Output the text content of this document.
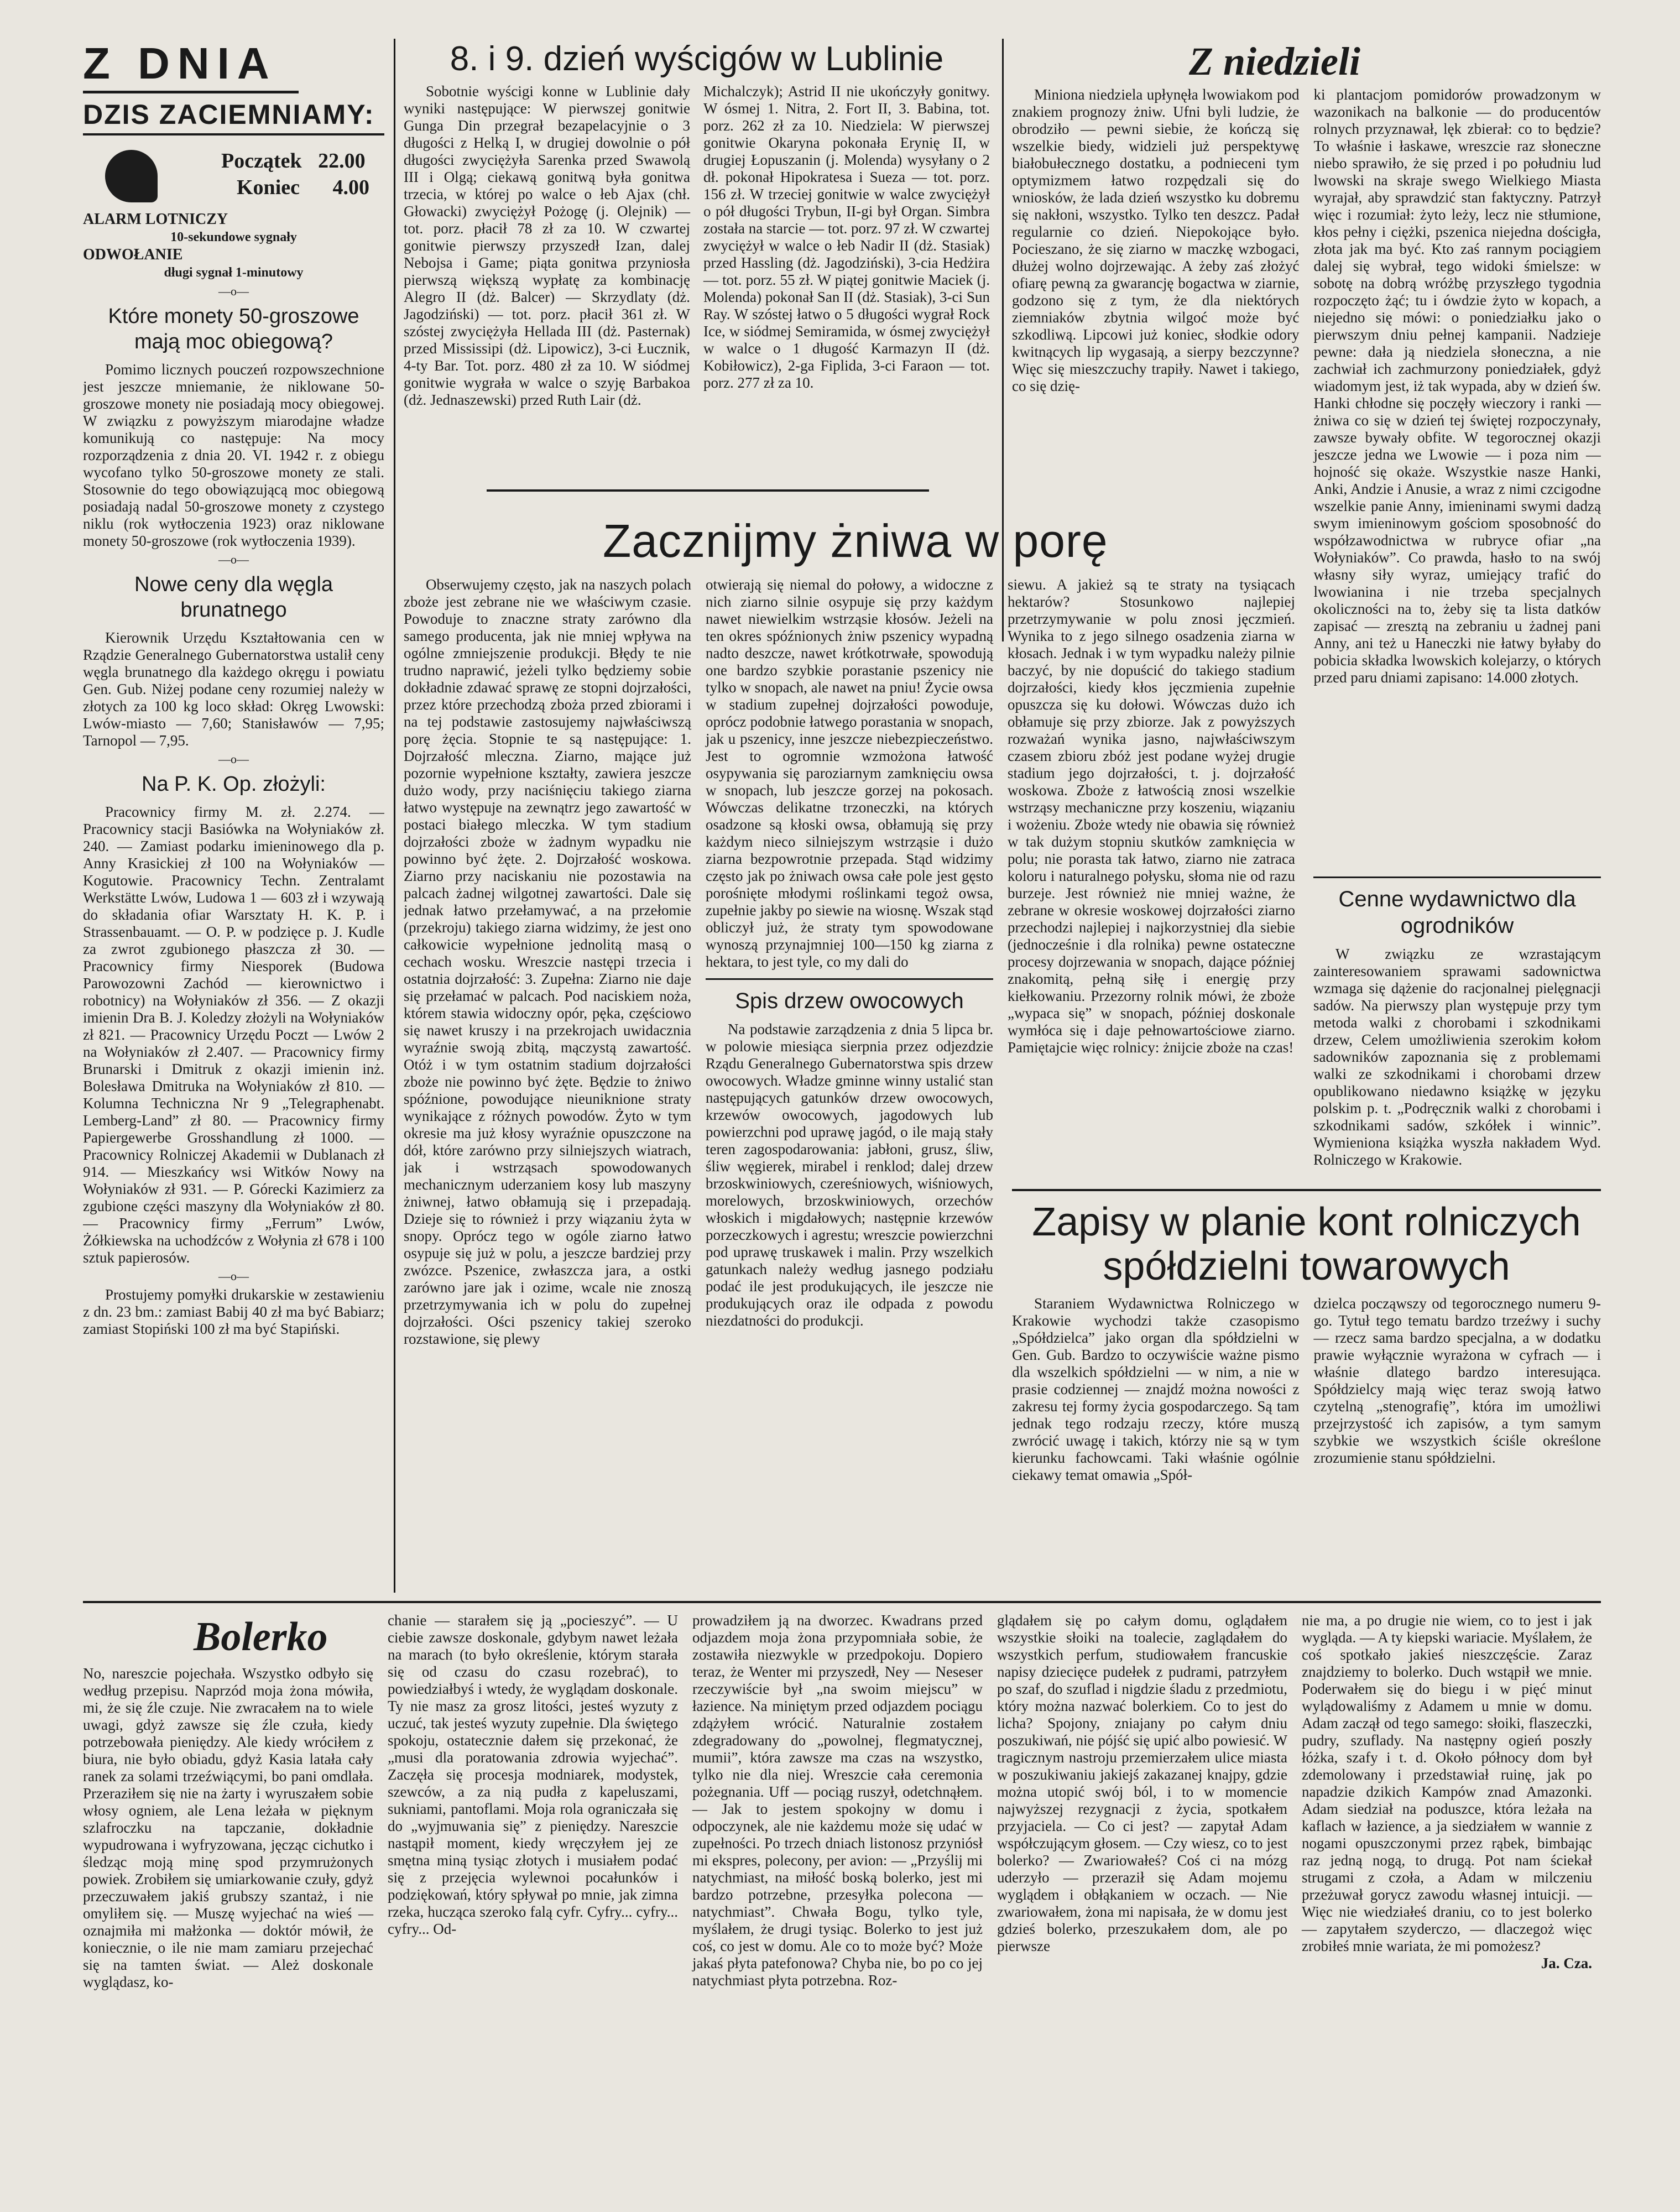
Z DNIA
DZIS ZACIEMNIAMY:
Początek 22.00
Koniec 4.00
ALARM LOTNICZY
10-sekundowe sygnały
ODWOŁANIE
długi sygnał 1-minutowy
—o—
Które monety 50-groszowe mają moc obiegową?

Pomimo licznych pouczeń rozpowszechnione jest jeszcze mniemanie, że niklowane 50-groszowe monety nie posiadają mocy obiegowej. W związku z powyższym miarodajne władze komunikują co następuje: Na mocy rozporządzenia z dnia 20. VI. 1942 r. z obiegu wycofano tylko 50-groszowe monety ze stali. Stosownie do tego obowiązującą moc obiegową posiadają nadal 50-groszowe monety z czystego niklu (rok wytłoczenia 1923) oraz niklowane monety 50-groszowe (rok wytłoczenia 1939).

—o—
Nowe ceny dla węgla brunatnego

Kierownik Urzędu Kształtowania cen w Rządzie Generalnego Gubernatorstwa ustalił ceny węgla brunatnego dla każdego okręgu i powiatu Gen. Gub. Niżej podane ceny rozumiej należy w złotych za 100 kg loco skład: Okręg Lwowski: Lwów-miasto — 7,60; Stanisławów — 7,95; Tarnopol — 7,95.

—o—
Na P. K. Op. złożyli:

Pracownicy firmy M. zł. 2.274. — Pracownicy stacji Basiówka na Wołyniaków zł. 240. — Zamiast podarku imieninowego dla p. Anny Krasickiej zł 100 na Wołyniaków — Kogutowie. Pracownicy Techn. Zentralamt Werkstätte Lwów, Ludowa 1 — 603 zł i wzywają do składania ofiar Warsztaty H. K. P. i Strassenbauamt. — O. P. w podzięce p. J. Kudle za zwrot zgubionego płaszcza zł 30. — Pracownicy firmy Niesporek (Budowa Parowozowni Zachód — kierownictwo i robotnicy) na Wołyniaków zł 356. — Z okazji imienin Dra B. J. Koledzy złożyli na Wołyniaków zł 821. — Pracownicy Urzędu Poczt — Lwów 2 na Wołyniaków zł 2.407. — Pracownicy firmy Brunarski i Dmitruk z okazji imienin inż. Bolesława Dmitruka na Wołyniaków zł 810. — Kolumna Techniczna Nr 9 „Telegraphenabt. Lemberg-Land” zł 80. — Pracownicy firmy Papiergewerbe Grosshandlung zł 1000. — Pracownicy Rolniczej Akademii w Dublanach zł 914. — Mieszkańcy wsi Witków Nowy na Wołyniaków zł 931. — P. Górecki Kazimierz za zgubione części maszyny dla Wołyniaków zł 80. — Pracownicy firmy „Ferrum” Lwów, Żółkiewska na uchodźców z Wołynia zł 678 i 100 sztuk papierosów.

—o—

Prostujemy pomyłki drukarskie w zestawieniu z dn. 23 bm.: zamiast Babij 40 zł ma być Babiarz; zamiast Stopiński 100 zł ma być Stapiński.

8. i 9. dzień wyścigów w Lublinie

Sobotnie wyścigi konne w Lublinie dały wyniki następujące: W pierwszej gonitwie Gunga Din przegrał bezapelacyjnie o 3 długości z Helką I, w drugiej dowolnie o pół długości zwyciężyła Sarenka przed Swawolą III i Olgą; ciekawą gonitwą była gonitwa trzecia, w której po walce o łeb Ajax (chł. Głowacki) zwyciężył Pożogę (j. Olejnik) — tot. porz. płacił 78 zł za 10. W czwartej gonitwie pierwszy przyszedł Izan, dalej Nebojsa i Game; piąta gonitwa przyniosła pierwszą większą wypłatę za kombinację Alegro II (dż. Balcer) — Skrzydlaty (dż. Jagodziński) — tot. porz. płacił 361 zł. W szóstej zwyciężyła Hellada III (dż. Pasternak) przed Mississipi (dż. Lipowicz), 3-ci Łucznik, 4-ty Bar. Tot. porz. 480 zł za 10. W siódmej gonitwie wygrała w walce o szyję Barbakoa (dż. Jednaszewski) przed Ruth Lair (dż.

Michalczyk); Astrid II nie ukończyły gonitwy. W ósmej 1. Nitra, 2. Fort II, 3. Babina, tot. porz. 262 zł za 10. Niedziela: W pierwszej gonitwie Okaryna pokonała Erynię II, w drugiej Łopuszanin (j. Molenda) wysyłany o 2 dł. pokonał Hipokratesa i Sueza — tot. porz. 156 zł. W trzeciej gonitwie w walce zwyciężył o pół długości Trybun, II-gi był Organ. Simbra została na starcie — tot. porz. 97 zł. W czwartej zwyciężył w walce o łeb Nadir II (dż. Stasiak) przed Hassling (dż. Jagodziński), 3-cia Hedżira — tot. porz. 55 zł. W piątej gonitwie Maciek (j. Molenda) pokonał San II (dż. Stasiak), 3-ci Sun Ray. W szóstej łatwo o 5 długości wygrał Rock Ice, w siódmej Semiramida, w ósmej zwyciężył w walce o 1 długość Karmazyn II (dż. Kobiłowicz), 2-ga Fiplida, 3-ci Faraon — tot. porz. 277 zł za 10.

Z niedzieli

Miniona niedziela upłynęła lwowiakom pod znakiem prognozy żniw. Ufni byli ludzie, że obrodziło — pewni siebie, że kończą się wszelkie biedy, widzieli już perspektywę białobułecznego dostatku, a podnieceni tym optymizmem łatwo rozpędzali się do wniosków, że lada dzień wszystko ku dobremu się nakłoni, wszystko. Tylko ten deszcz. Padał regularnie co dzień. Niepokojące było. Pocieszano, że się ziarno w maczkę wzbogaci, dłużej wolno dojrzewając. A żeby zaś złożyć ofiarę pewną za gwarancję bogactwa w ziarnie, godzono się z tym, że dla niektórych ziemniaków zbytnia wilgoć może być szkodliwą. Lipcowi już koniec, słodkie odory kwitnących lip wygasają, a sierpy bezczynne? Więc się mieszczuchy trapiły. Nawet i takiego, co się dzię-

ki plantacjom pomidorów prowadzonym w wazonikach na balkonie — do producentów rolnych przyznawał, lęk zbierał: co to będzie? To właśnie i łaskawe, wreszcie raz słoneczne niebo sprawiło, że się przed i po południu lud lwowski na skraje swego Wielkiego Miasta wyrajał, aby sprawdzić stan faktyczny. Patrzył więc i rozumiał: żyto leży, lecz nie stłumione, kłos pełny i ciężki, pszenica niejedna dościgła, złota jak ma być. Kto zaś rannym pociągiem dalej się wybrał, tego widoki śmielsze: w sobotę na dobrą wróżbę przyszłego tygodnia rozpoczęto żąć; tu i ówdzie żyto w kopach, a niejedno się mówi: o poniedziałku jako o pierwszym dniu pełnej kampanii. Nadzieje pewne: dała ją niedziela słoneczna, a nie zachwiał ich zachmurzony poniedziałek, gdyż wiadomym jest, iż tak wypada, aby w dzień św. Hanki chłodne się poczęły wieczory i ranki — żniwa co się w dzień tej świętej rozpoczynały, zawsze bywały obfite. W tegorocznej okazji jeszcze jedna we Lwowie — i poza nim — hojność się okaże. Wszystkie nasze Hanki, Anki, Andzie i Anusie, a wraz z nimi czcigodne wszelkie panie Anny, imieninami swymi dadzą swym imieninowym gościom sposobność do współzawodnictwa w rubryce ofiar „na Wołyniaków”. Co prawda, hasło to na swój własny siły wyraz, umiejący trafić do lwowianina i nie trzeba specjalnych okoliczności na to, żeby się ta lista datków zapisać — zresztą na zebraniu u żadnej pani Anny, ani też u Haneczki nie łatwy byłaby do pobicia składka lwowskich kolejarzy, o których przed paru dniami zapisano: 14.000 złotych.

Zacznijmy żniwa w porę

Obserwujemy często, jak na naszych polach zboże jest zebrane nie we właściwym czasie. Powoduje to znaczne straty zarówno dla samego producenta, jak nie mniej wpływa na ogólne zmniejszenie produkcji. Błędy te nie trudno naprawić, jeżeli tylko będziemy sobie dokładnie zdawać sprawę ze stopni dojrzałości, przez które przechodzą zboża przed zbiorami i na tej podstawie zastosujemy najwłaściwszą porę żęcia. Stopnie te są następujące: 1. Dojrzałość mleczna. Ziarno, mające już pozornie wypełnione kształty, zawiera jeszcze dużo wody, przy naciśnięciu takiego ziarna łatwo występuje na zewnątrz jego zawartość w postaci białego mleczka. W tym stadium dojrzałości zboże w żadnym wypadku nie powinno być żęte. 2. Dojrzałość woskowa. Ziarno przy naciskaniu nie pozostawia na palcach żadnej wilgotnej zawartości. Dale się jednak łatwo przełamywać, a na przełomie (przekroju) takiego ziarna widzimy, że jest ono całkowicie wypełnione jednolitą masą o cechach wosku. Wreszcie następi trzecia i ostatnia dojrzałość: 3. Zupełna: Ziarno nie daje się przełamać w palcach. Pod naciskiem noża, którem stawia widoczny opór, pęka, częściowo się nawet kruszy i na przekrojach uwidacznia wyraźnie swoją zbitą, mączystą zawartość. Otóż i w tym ostatnim stadium dojrzałości zboże nie powinno być żęte. Będzie to żniwo spóźnione, powodujące nieuniknione straty wynikające z różnych powodów. Żyto w tym okresie ma już kłosy wyraźnie opuszczone na dół, które zarówno przy silniejszych wiatrach, jak i wstrząsach spowodowanych mechanicznym uderzaniem kosy lub maszyny żniwnej, łatwo obłamują się i przepadają. Dzieje się to również i przy wiązaniu żyta w snopy. Oprócz tego w ogóle ziarno łatwo osypuje się już w polu, a jeszcze bardziej przy zwózce. Pszenice, zwłaszcza jara, a ostki zarówno jare jak i ozime, wcale nie znoszą przetrzymywania ich w polu do zupełnej dojrzałości. Ości pszenicy takiej szeroko rozstawione, się plewy

otwierają się niemal do połowy, a widoczne z nich ziarno silnie osypuje się przy każdym nawet niewielkim wstrząsie kłosów. Jeżeli na ten okres spóźnionych żniw pszenicy wypadną nadto deszcze, nawet krótkotrwałe, spowodują one bardzo szybkie porastanie pszenicy nie tylko w snopach, ale nawet na pniu! Życie owsa w stadium zupełnej dojrzałości powoduje, oprócz podobnie łatwego porastania w snopach, jak u pszenicy, inne jeszcze niebezpieczeństwo. Jest to ogromnie wzmożona łatwość osypywania się paroziarnym zamknięciu owsa w snopach, lub jeszcze gorzej na pokosach. Wówczas delikatne trzoneczki, na których osadzone są kłoski owsa, obłamują się przy każdym nieco silniejszym wstrząsie i dużo ziarna bezpowrotnie przepada. Stąd widzimy często jak po żniwach owsa całe pole jest gęsto porośnięte młodymi roślinkami tegoż owsa, zupełnie jakby po siewie na wiosnę. Wszak stąd obliczył już, że straty tym spowodowane wynoszą przynajmniej 100—150 kg ziarna z hektara, to jest tyle, co my dali do

Spis drzew owocowych

Na podstawie zarządzenia z dnia 5 lipca br. w polowie miesiąca sierpnia przez odjezdzie Rządu Generalnego Gubernatorstwa spis drzew owocowych. Władze gminne winny ustalić stan następujących gatunków drzew owocowych, krzewów owocowych, jagodowych lub powierzchni pod uprawę jagód, o ile mają stały teren zagospodarowania: jabłoni, grusz, śliw, śliw węgierek, mirabel i renklod; dalej drzew brzoskwiniowych, czereśniowych, wiśniowych, morelowych, brzoskwiniowych, orzechów włoskich i migdałowych; następnie krzewów porzeczkowych i agrestu; wreszcie powierzchni pod uprawę truskawek i malin. Przy wszelkich gatunkach należy według jasnego podziału podać ile jest produkujących, ile jeszcze nie produkujących oraz ile odpada z powodu niezdatności do produkcji.

siewu. A jakież są te straty na tysiącach hektarów? Stosunkowo najlepiej przetrzymywanie w polu znosi jęczmień. Wynika to z jego silnego osadzenia ziarna w kłosach. Jednak i w tym wypadku należy pilnie baczyć, by nie dopuścić do takiego stadium dojrzałości, kiedy kłos jęczmienia zupełnie opuszcza się ku dołowi. Wówczas dużo ich obłamuje się przy zbiorze. Jak z powyższych rozważań wynika jasno, najwłaściwszym czasem zbioru zbóż jest podane wyżej drugie stadium jego dojrzałości, t. j. dojrzałość woskowa. Zboże z łatwością znosi wszelkie wstrząsy mechaniczne przy koszeniu, wiązaniu i wożeniu. Zboże wtedy nie obawia się również w tak dużym stopniu skutków zamknięcia w polu; nie porasta tak łatwo, ziarno nie zatraca koloru i naturalnego połysku, słoma nie od razu burzeje. Jest również nie mniej ważne, że zebrane w okresie woskowej dojrzałości ziarno przechodzi najlepiej i najkorzystniej dla siebie (jednocześnie i dla rolnika) pewne ostateczne procesy dojrzewania w snopach, dające później znakomitą, pełną siłę i energię przy kiełkowaniu. Przezorny rolnik mówi, że zboże „wypaca się” w snopach, później doskonale wymłóca się i daje pełnowartościowe ziarno. Pamiętajcie więc rolnicy: żnijcie zboże na czas!

Cenne wydawnictwo dla ogrodników

W związku ze wzrastającym zainteresowaniem sprawami sadownictwa wzmaga się dążenie do racjonalnej pielęgnacji sadów. Na pierwszy plan występuje przy tym metoda walki z chorobami i szkodnikami drzew, Celem umożliwienia szerokim kołom sadowników zapoznania się z problemami walki ze szkodnikami i chorobami drzew opublikowano niedawno książkę w języku polskim p. t. „Podręcznik walki z chorobami i szkodnikami sadów, szkółek i winnic”. Wymieniona książka wyszła nakładem Wyd. Rolniczego w Krakowie.

Zapisy w planie kont rolniczych spółdzielni towarowych

Staraniem Wydawnictwa Rolniczego w Krakowie wychodzi także czasopismo „Spółdzielca” jako organ dla spółdzielni w Gen. Gub. Bardzo to oczywiście ważne pismo dla wszelkich spółdzielni — w nim, a nie w prasie codziennej — znajdź można nowości z zakresu tej formy życia gospodarczego. Są tam jednak tego rodzaju rzeczy, które muszą zwrócić uwagę i takich, którzy nie są w tym kierunku fachowcami. Taki właśnie ogólnie ciekawy temat omawia „Spół-

dzielca począwszy od tegorocznego numeru 9-go. Tytuł tego tematu bardzo trzeźwy i suchy — rzecz sama bardzo specjalna, a w dodatku prawie wyłącznie wyrażona w cyfrach — i właśnie dlatego bardzo interesująca. Spółdzielcy mają więc teraz swoją łatwo czytelną „stenografię”, która im umożliwi przejrzystość ich zapisów, a tym samym szybkie we wszystkich ściśle określone zrozumienie stanu spółdzielni.

Bolerko

No, nareszcie pojechała. Wszystko odbyło się według przepisu. Naprzód moja żona mówiła, mi, że się źle czuje. Nie zwracałem na to wiele uwagi, gdyż zawsze się źle czuła, kiedy potrzebowała pieniędzy. Ale kiedy wróciłem z biura, nie było obiadu, gdyż Kasia latała cały ranek za solami trzeźwiącymi, bo pani omdlała. Przeraziłem się nie na żarty i wyruszałem sobie włosy ogniem, ale Lena leżała w pięknym szlafroczku na tapczanie, dokładnie wypudrowana i wyfryzowana, jęcząc cichutko i śledząc moją minę spod przymrużonych powiek. Zrobiłem się umiarkowanie czuły, gdyż przeczuwałem jakiś grubszy szantaż, i nie omyliłem się. — Muszę wyjechać na wieś — oznajmiła mi małżonka — doktór mówił, że koniecznie, o ile nie mam zamiaru przejechać się na tamten świat. — Ależ doskonale wyglądasz, ko-

chanie — starałem się ją „pocieszyć”. — U ciebie zawsze doskonale, gdybym nawet leżała na marach (to było określenie, którym starała się od czasu do czasu rozebrać), to powiedziałbyś i wtedy, że wyglądam doskonale. Ty nie masz za grosz litości, jesteś wyzuty z uczuć, tak jesteś wyzuty zupełnie. Dla świętego spokoju, ostatecznie dałem się przekonać, że „musi dla poratowania zdrowia wyjechać”. Zaczęła się procesja modniarek, modystek, szewców, a za nią pudła z kapeluszami, sukniami, pantoflami. Moja rola ograniczała się do „wyjmuwania się” z pieniędzy. Nareszcie nastąpił moment, kiedy wręczyłem jej ze smętna miną tysiąc złotych i musiałem podać się z przejęcia wylewnoi pocałunków i podziękowań, który spływał po mnie, jak zimna rzeka, hucząca szeroko falą cyfr. Cyfry... cyfry... cyfry... Od-

prowadziłem ją na dworzec. Kwadrans przed odjazdem moja żona przypomniała sobie, że zostawiła niezwykle w przedpokoju. Dopiero teraz, że Wenter mi przyszedł, Ney — Neseser rzeczywiście był „na swoim miejscu” w łazience. Na miniętym przed odjazdem pociągu zdążyłem wrócić. Naturalnie zostałem zdegradowany do „powolnej, flegmatycznej, mumii”, która zawsze ma czas na wszystko, tylko nie dla niej. Wreszcie cała ceremonia pożegnania. Uff — pociąg ruszył, odetchnąłem. — Jak to jestem spokojny w domu i odpoczynek, ale nie każdemu może się udać w zupełności. Po trzech dniach listonosz przyniósł mi ekspres, polecony, per avion: — „Przyślij mi natychmiast, na miłość boską bolerko, jest mi bardzo potrzebne, przesyłka polecona — natychmiast”. Chwała Bogu, tylko tyle, myślałem, że drugi tysiąc. Bolerko to jest już coś, co jest w domu. Ale co to może być? Może jakaś płyta patefonowa? Chyba nie, bo po co jej natychmiast płyta potrzebna. Roz-

glądałem się po całym domu, oglądałem wszystkie słoiki na toalecie, zaglądałem do wszystkich perfum, studiowałem francuskie napisy dziecięce pudełek z pudrami, patrzyłem po szaf, do szuflad i nigdzie śladu z przedmiotu, który można nazwać bolerkiem. Co to jest do licha? Spojony, zniajany po całym dniu poszukiwań, nie pójść się upić albo powiesić. W tragicznym nastroju przemierzałem ulice miasta w poszukiwaniu jakiejś zakazanej knajpy, gdzie można utopić swój ból, i to w momencie najwyższej rezygnacji z życia, spotkałem przyjaciela. — Co ci jest? — zapytał Adam współczującym głosem. — Czy wiesz, co to jest bolerko? — Zwariowałeś? Coś ci na mózg uderzyło — przeraził się Adam mojemu wyglądem i obłąkaniem w oczach. — Nie zwariowałem, żona mi napisała, że w domu jest gdzieś bolerko, przeszukałem dom, ale po pierwsze

nie ma, a po drugie nie wiem, co to jest i jak wygląda. — A ty kiepski wariacie. Myślałem, że coś spotkało jakieś nieszczęście. Zaraz znajdziemy to bolerko. Duch wstąpił we mnie. Poderwałem się do biegu i w pięć minut wylądowaliśmy z Adamem u mnie w domu. Adam zaczął od tego samego: słoiki, flaszeczki, pudry, szuflady. Na następny ogień poszły łóżka, szafy i t. d. Około północy dom był zdemolowany i przedstawiał ruinę, jak po napadzie dzikich Kampów znad Amazonki. Adam siedział na poduszce, która leżała na kaflach w łazience, a ja siedziałem w wannie z nogami opuszczonymi przez rąbek, bimbając raz jedną nogą, to drugą. Pot nam ściekał strugami z czoła, a Adam w milczeniu przeżuwał gorycz zawodu własnej intuicji. — Więc nie wiedziałeś draniu, co to jest bolerko — zapytałem szyderczo, — dlaczegoż więc zrobiłeś mnie wariata, że mi pomożesz?

Ja. Cza.
